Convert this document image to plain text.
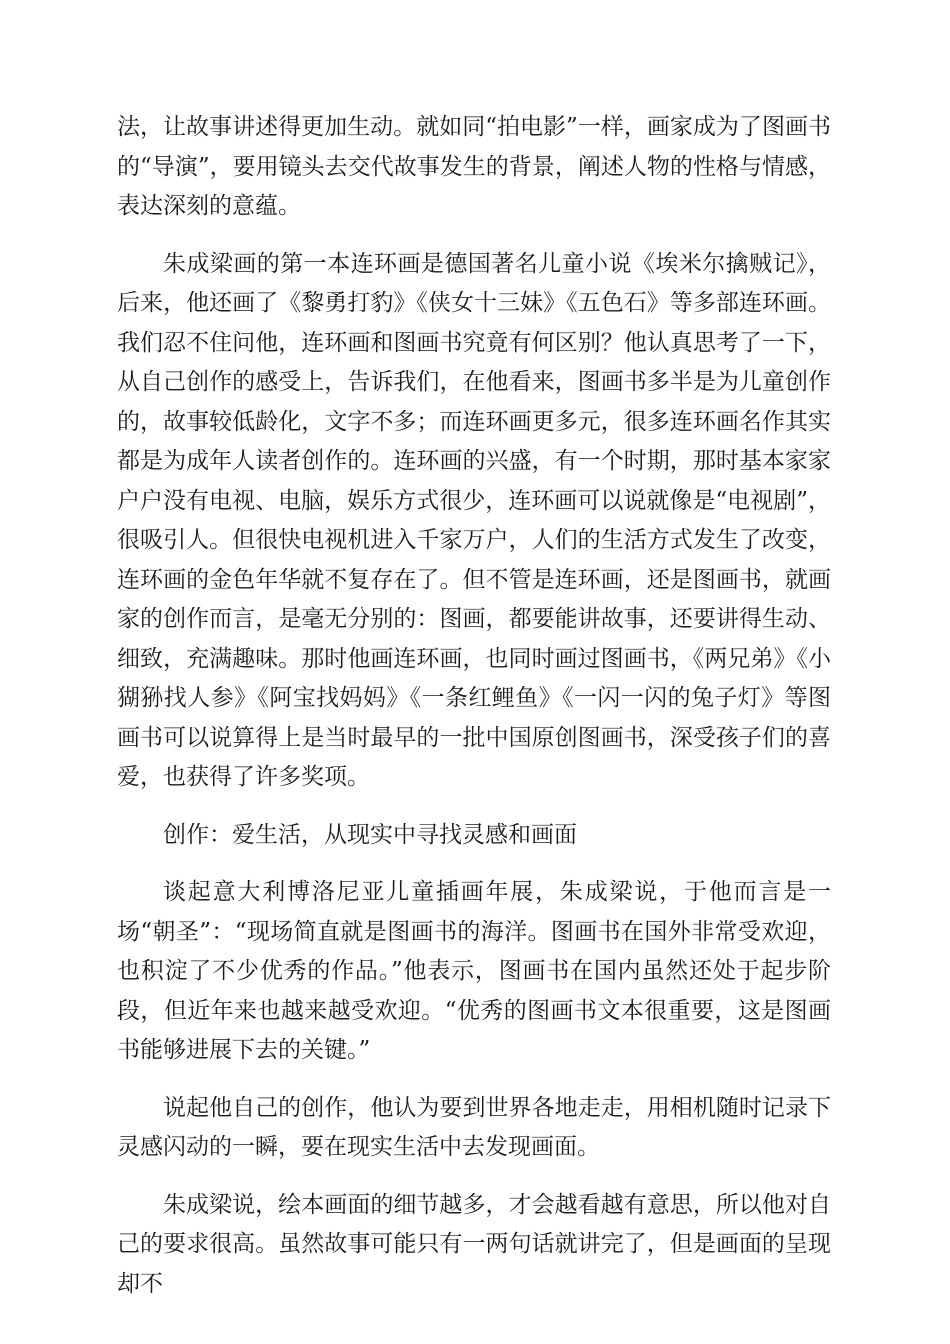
法，让故事讲述得更加生动。就如同“拍电影”一样，画家成为了图画书的“导演”，要用镜头去交代故事发生的背景，阐述人物的性格与情感，表达深刻的意蕴。

朱成梁画的第一本连环画是德国著名儿童小说《埃米尔擒贼记》，后来，他还画了《黎勇打豹》《侠女十三妹》《五色石》等多部连环画。我们忍不住问他，连环画和图画书究竟有何区别？他认真思考了一下，从自己创作的感受上，告诉我们，在他看来，图画书多半是为儿童创作的，故事较低龄化，文字不多；而连环画更多元，很多连环画名作其实都是为成年人读者创作的。连环画的兴盛，有一个时期，那时基本家家户户没有电视、电脑，娱乐方式很少，连环画可以说就像是“电视剧”，很吸引人。但很快电视机进入千家万户，人们的生活方式发生了改变，连环画的金色年华就不复存在了。但不管是连环画，还是图画书，就画家的创作而言，是毫无分别的：图画，都要能讲故事，还要讲得生动、细致，充满趣味。那时他画连环画，也同时画过图画书，《两兄弟》《小猢狲找人参》《阿宝找妈妈》《一条红鲤鱼》《一闪一闪的兔子灯》等图画书可以说算得上是当时最早的一批中国原创图画书，深受孩子们的喜爱，也获得了许多奖项。

创作：爱生活，从现实中寻找灵感和画面

谈起意大利博洛尼亚儿童插画年展，朱成梁说，于他而言是一场“朝圣”：“现场简直就是图画书的海洋。图画书在国外非常受欢迎，也积淀了不少优秀的作品。”他表示，图画书在国内虽然还处于起步阶段，但近年来也越来越受欢迎。“优秀的图画书文本很重要，这是图画书能够进展下去的关键。”

说起他自己的创作，他认为要到世界各地走走，用相机随时记录下灵感闪动的一瞬，要在现实生活中去发现画面。

朱成梁说，绘本画面的细节越多，才会越看越有意思，所以他对自己的要求很高。虽然故事可能只有一两句话就讲完了，但是画面的呈现却不
